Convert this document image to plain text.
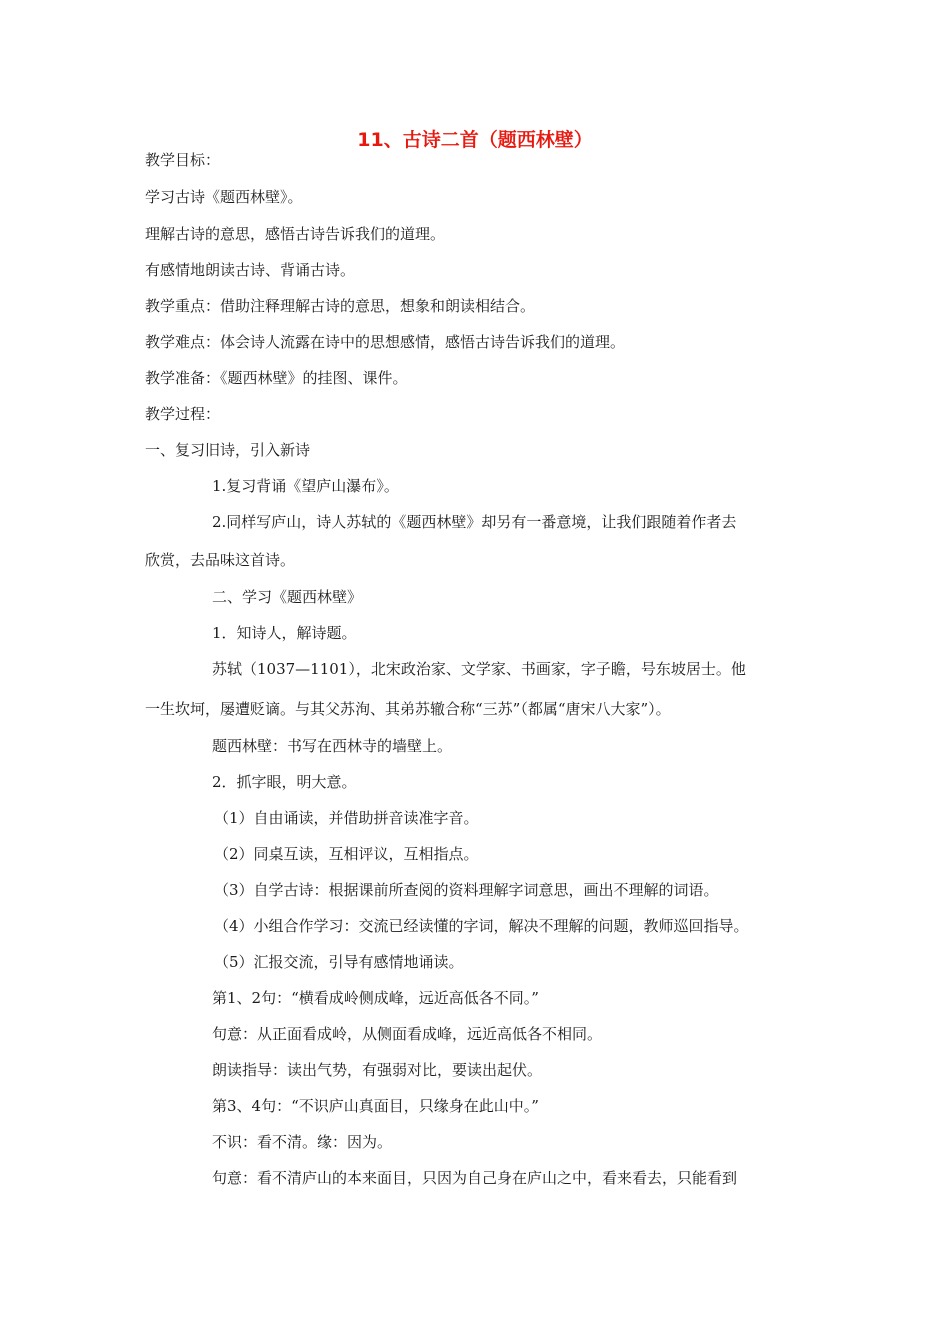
11、古诗二首（题西林壁）
教学目标：
学习古诗《题西林壁》。
理解古诗的意思，感悟古诗告诉我们的道理。
有感情地朗读古诗、背诵古诗。
教学重点：借助注释理解古诗的意思，想象和朗读相结合。
教学难点：体会诗人流露在诗中的思想感情，感悟古诗告诉我们的道理。
教学准备：《题西林壁》的挂图、课件。
教学过程：
一、复习旧诗，引入新诗
1.复习背诵《望庐山瀑布》。
2.同样写庐山，诗人苏轼的《题西林壁》却另有一番意境，让我们跟随着作者去
欣赏，去品味这首诗。
二、学习《题西林壁》
1．知诗人，解诗题。
苏轼（1037—1101），北宋政治家、文学家、书画家，字子瞻，号东坡居士。他
一生坎坷，屡遭贬谪。与其父苏洵、其弟苏辙合称“三苏”（都属“唐宋八大家”）。
题西林壁：书写在西林寺的墙壁上。
2．抓字眼，明大意。
（1）自由诵读，并借助拼音读准字音。
（2）同桌互读，互相评议，互相指点。
（3）自学古诗：根据课前所查阅的资料理解字词意思，画出不理解的词语。
（4）小组合作学习：交流已经读懂的字词，解决不理解的问题，教师巡回指导。
（5）汇报交流，引导有感情地诵读。
第1、2句：“横看成岭侧成峰，远近高低各不同。”
句意：从正面看成岭，从侧面看成峰，远近高低各不相同。
朗读指导：读出气势，有强弱对比，要读出起伏。
第3、4句：“不识庐山真面目，只缘身在此山中。”
不识：看不清。缘：因为。
句意：看不清庐山的本来面目，只因为自己身在庐山之中，看来看去，只能看到
